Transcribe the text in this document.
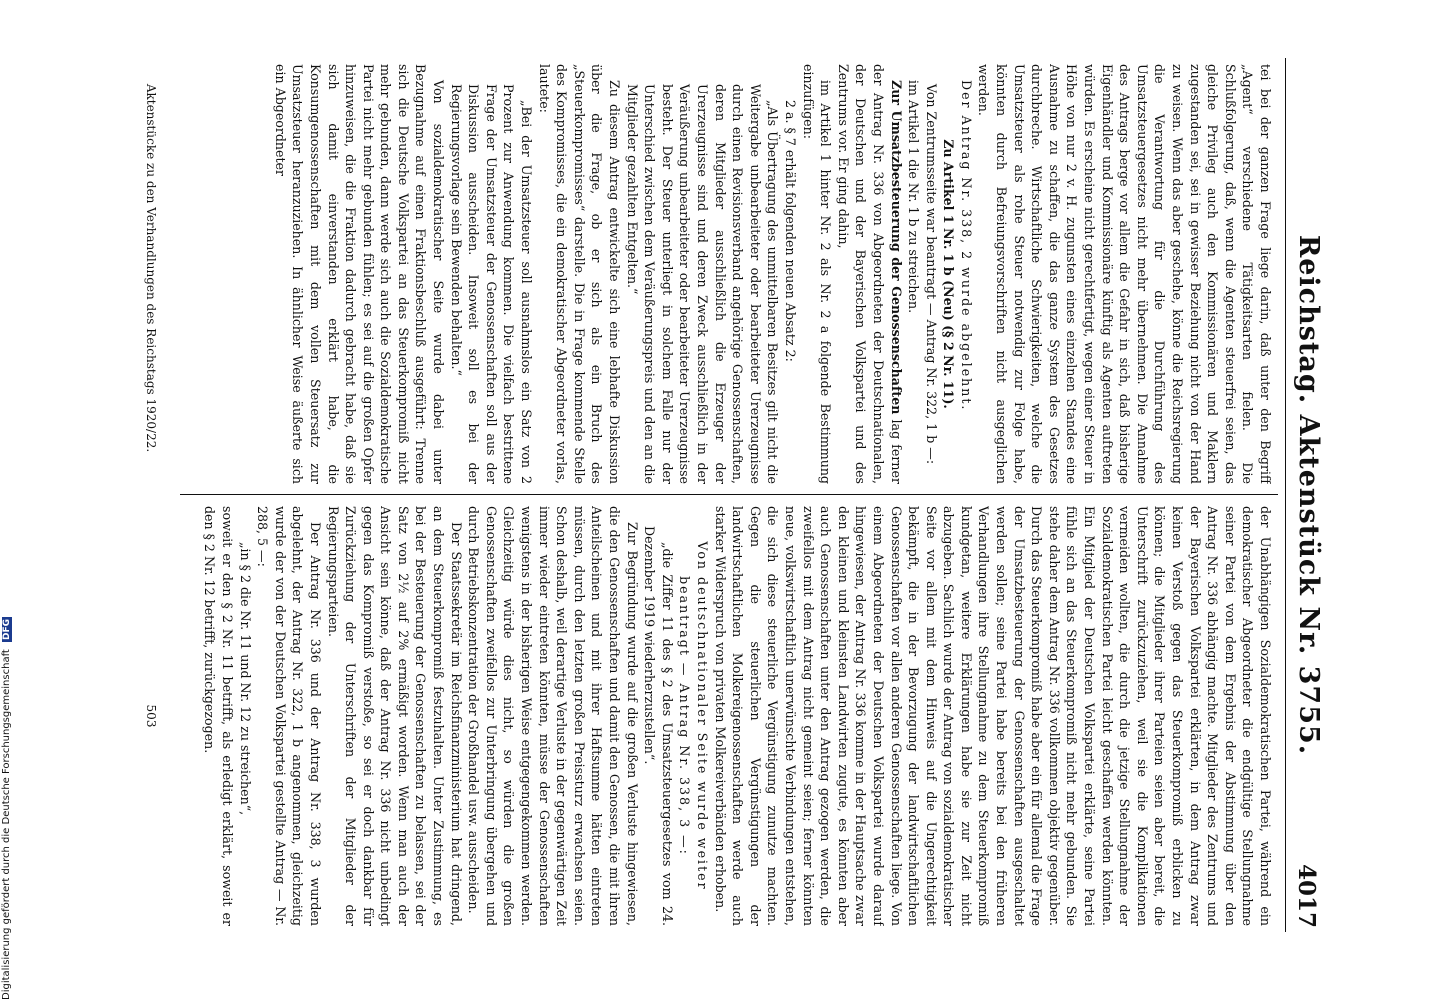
Reichstag. Aktenstück Nr. 3755.
4017

tei bei der ganzen Frage liege darin, daß unter den Begriff „Agent“ verschiedene Tätigkeitsarten fielen. Die Schlußfolgerung, daß, wenn die Agenten steuerfrei seien, das gleiche Privileg auch den Kommissionären und Maklern zugestanden sei, sei in gewisser Beziehung nicht von der Hand zu weisen. Wenn das aber geschehe, könne die Reichsregierung die Verantwortung für die Durchführung des Umsatzsteuergesetzes nicht mehr übernehmen. Die Annahme des Antrags berge vor allem die Gefahr in sich, daß bisherige Eigenhändler und Kommissionäre künftig als Agenten auftreten würden. Es erscheine nicht gerechtfertigt, wegen einer Steuer in Höhe von nur 2 v. H. zugunsten eines einzelnen Standes eine Ausnahme zu schaffen, die das ganze System des Gesetzes durchbreche. Wirtschaftliche Schwierigkeiten, welche die Umsatzsteuer als rohe Steuer notwendig zur Folge habe, könnten durch Befreiungsvorschriften nicht ausgeglichen werden.

Der Antrag Nr. 338, 2 wurde abgelehnt.

Zu Artikel 1 Nr. 1 b (Neu) (§ 2 Nr. 11).

Von Zentrumsseite war beantragt — Antrag Nr. 322, 1 b —:

im Artikel 1 die Nr. 1 b zu streichen.

Zur Umsatzbesteuerung der Genossenschaften lag ferner der Antrag Nr. 336 von Abgeordneten der Deutschnationalen, der Deutschen und der Bayerischen Volkspartei und des Zentrums vor. Er ging dahin,

im Artikel 1 hinter Nr. 2 als Nr. 2 a folgende Bestimmung einzufügen:

2 a. § 7 erhält folgenden neuen Absatz 2:

„Als Übertragung des unmittelbaren Besitzes gilt nicht die Weitergabe unbearbeiteter oder bearbeiteter Urerzeugnisse durch einen Revisionsverband angehörige Genossenschaften, deren Mitglieder ausschließlich die Erzeuger der Urerzeugnisse sind und deren Zweck ausschließlich in der Veräußerung unbearbeiteter oder bearbeiteter Urerzeugnisse besteht. Der Steuer unterliegt in solchem Falle nur der Unterschied zwischen dem Veräußerungspreis und den an die Mitglieder gezahlten Entgelten.“

Zu diesem Antrag entwickelte sich eine lebhafte Diskussion über die Frage, ob er sich als ein Bruch des „Steuerkompromisses“ darstelle. Die in Frage kommende Stelle des Kompromisses, die ein demokratischer Abgeordneter vorlas, lautete:

„Bei der Umsatzsteuer soll ausnahmslos ein Satz von 2 Prozent zur Anwendung kommen. Die vielfach bestrittene Frage der Umsatzsteuer der Genossenschaften soll aus der Diskussion ausscheiden. Insoweit soll es bei der Regierungsvorlage sein Bewenden behalten.“

Von sozialdemokratischer Seite wurde dabei unter Bezugnahme auf einen Fraktionsbeschluß ausgeführt: Trenne sich die Deutsche Volkspartei an das Steuerkompromiß nicht mehr gebunden, dann werde sich auch die Sozialdemokratische Partei nicht mehr gebunden fühlen; es sei auf die großen Opfer hinzuweisen, die die Fraktion dadurch gebracht habe, daß sie sich damit einverstanden erklärt habe, die Konsumgenossenschaften mit dem vollen Steuersatz zur Umsatzsteuer heranzuziehen. In ähnlicher Weise äußerte sich ein Abgeordneter

der Unabhängigen Sozialdemokratischen Partei, während ein demokratischer Abgeordneter die endgültige Stellungnahme seiner Partei von dem Ergebnis der Abstimmung über den Antrag Nr. 336 abhängig machte. Mitglieder des Zentrums und der Bayerischen Volkspartei erklärten, in dem Antrag zwar keinen Verstoß gegen das Steuerkompromiß erblicken zu können; die Mitglieder ihrer Parteien seien aber bereit, die Unterschrift zurückzuziehen, weil sie die Komplikationen vermeiden wollten, die durch die jetzige Stellungnahme der Sozialdemokratischen Partei leicht geschaffen werden könnten. Ein Mitglied der Deutschen Volkspartei erklärte, seine Partei fühle sich an das Steuerkompromiß nicht mehr gebunden. Sie stehe daher dem Antrag Nr. 336 vollkommen objektiv gegenüber. Durch das Steuerkompromiß habe aber ein für allemal die Frage der Umsatzbesteuerung der Genossenschaften ausgeschaltet werden sollen; seine Partei habe bereits bei den früheren Verhandlungen ihre Stellungnahme zu dem Steuerkompromiß kundgetan, weitere Erklärungen habe sie zur Zeit nicht abzugeben. Sachlich wurde der Antrag von sozialdemokratischer Seite vor allem mit dem Hinweis auf die Ungerechtigkeit bekämpft, die in der Bevorzugung der landwirtschaftlichen Genossenschaften vor allen anderen Genossenschaften liege. Von einem Abgeordneten der Deutschen Volkspartei wurde darauf hingewiesen, der Antrag Nr. 336 komme in der Hauptsache zwar den kleinen und kleinsten Landwirten zugute, es könnten aber auch Genossenschaften unter den Antrag gezogen werden, die zweifellos mit dem Antrag nicht gemeint seien; ferner könnten neue, volkswirtschaftlich unerwünschte Verbindungen entstehen, die sich diese steuerliche Vergünstigung zunutze machten. Gegen die steuerlichen Vergünstigungen der landwirtschaftlichen Molkereigenossenschaften werde auch starker Widerspruch von privaten Molkereiverbänden erhoben.

Von deutschnationaler Seite wurde weiter beantragt — Antrag Nr. 338, 3 —:

„die Ziffer 11 des § 2 des Umsatzsteuergesetzes vom 24. Dezember 1919 wiederherzustellen“.

Zur Begründung wurde auf die großen Verluste hingewiesen, die den Genossenschaften und damit den Genossen, die mit ihren Anteilscheinen und mit ihrer Haftsumme hätten eintreten müssen, durch den letzten großen Preissturz erwachsen seien. Schon deshalb, weil derartige Verluste in der gegenwärtigen Zeit immer wieder eintreten könnten, müsse der Genossenschaften wenigstens in der bisherigen Weise entgegengekommen werden. Gleichzeitig würde dies nicht, so würden die großen Genossenschaften zweifellos zur Unterbringung übergehen und durch Betriebskonzentration der Großhandel usw. ausscheiden.

Der Staatssekretär im Reichsfinanzministerium hat dringend, an dem Steuerkompromiß festzuhalten. Unter Zustimmung, es bei der Besteuerung der Genossenschaften zu belassen, sei der Satz von 2½ auf 2% ermäßigt worden. Wenn man auch der Ansicht sein könne, daß der Antrag Nr. 336 nicht unbedingt gegen das Kompromiß verstoße, so sei er doch dankbar für Zurückziehung der Unterschriften der Mitglieder der Regierungsparteien.

Der Antrag Nr. 336 und der Antrag Nr. 338, 3 wurden abgelehnt, der Antrag Nr. 322, 1 b angenommen, gleichzeitig wurde der von der Deutschen Volkspartei gestellte Antrag — Nr. 288, 5 —:

„in § 2 die Nr. 11 und Nr. 12 zu streichen“,

soweit er den § 2 Nr. 11 betrifft, als erledigt erklärt, soweit er den § 2 Nr. 12 betrifft, zurückgezogen.

Aktenstücke zu den Verhandlungen des Reichstags 1920/22.
503
Digitalisierung gefördert durch die Deutsche Forschungsgemeinschaft DFG
